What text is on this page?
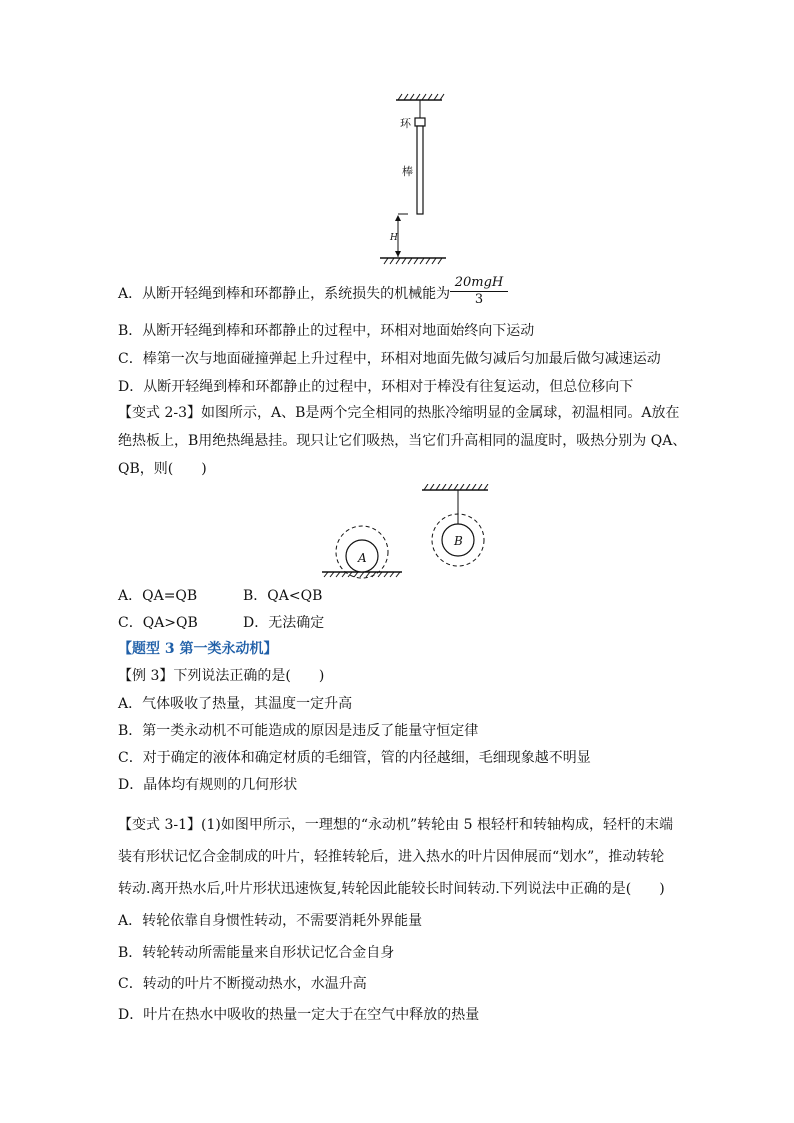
环
棒
H
A．从断开轻绳到棒和环都静止，系统损失的机械能为
20mgH
3
B．从断开轻绳到棒和环都静止的过程中，环相对地面始终向下运动
C．棒第一次与地面碰撞弹起上升过程中，环相对地面先做匀减后匀加最后做匀减速运动
D．从断开轻绳到棒和环都静止的过程中，环相对于棒没有往复运动，但总位移向下
【变式 2-3】如图所示，A、B是两个完全相同的热胀冷缩明显的金属球，初温相同。A放在
绝热板上，B用绝热绳悬挂。现只让它们吸热，当它们升高相同的温度时，吸热分别为 QA、
QB，则(　　)
A
B
A．QA=QB	B．QA<QB
C．QA>QB	D．无法确定
【题型 3 第一类永动机】
【例 3】下列说法正确的是(　　)
A．气体吸收了热量，其温度一定升高
B．第一类永动机不可能造成的原因是违反了能量守恒定律
C．对于确定的液体和确定材质的毛细管，管的内径越细，毛细现象越不明显
D．晶体均有规则的几何形状
【变式 3-1】(1)如图甲所示，一理想的“永动机”转轮由 5 根轻杆和转轴构成，轻杆的末端
装有形状记忆合金制成的叶片，轻推转轮后，进入热水的叶片因伸展而“划水”，推动转轮
转动.离开热水后,叶片形状迅速恢复,转轮因此能较长时间转动.下列说法中正确的是(　　)
A．转轮依靠自身惯性转动，不需要消耗外界能量
B．转轮转动所需能量来自形状记忆合金自身
C．转动的叶片不断搅动热水，水温升高
D．叶片在热水中吸收的热量一定大于在空气中释放的热量
